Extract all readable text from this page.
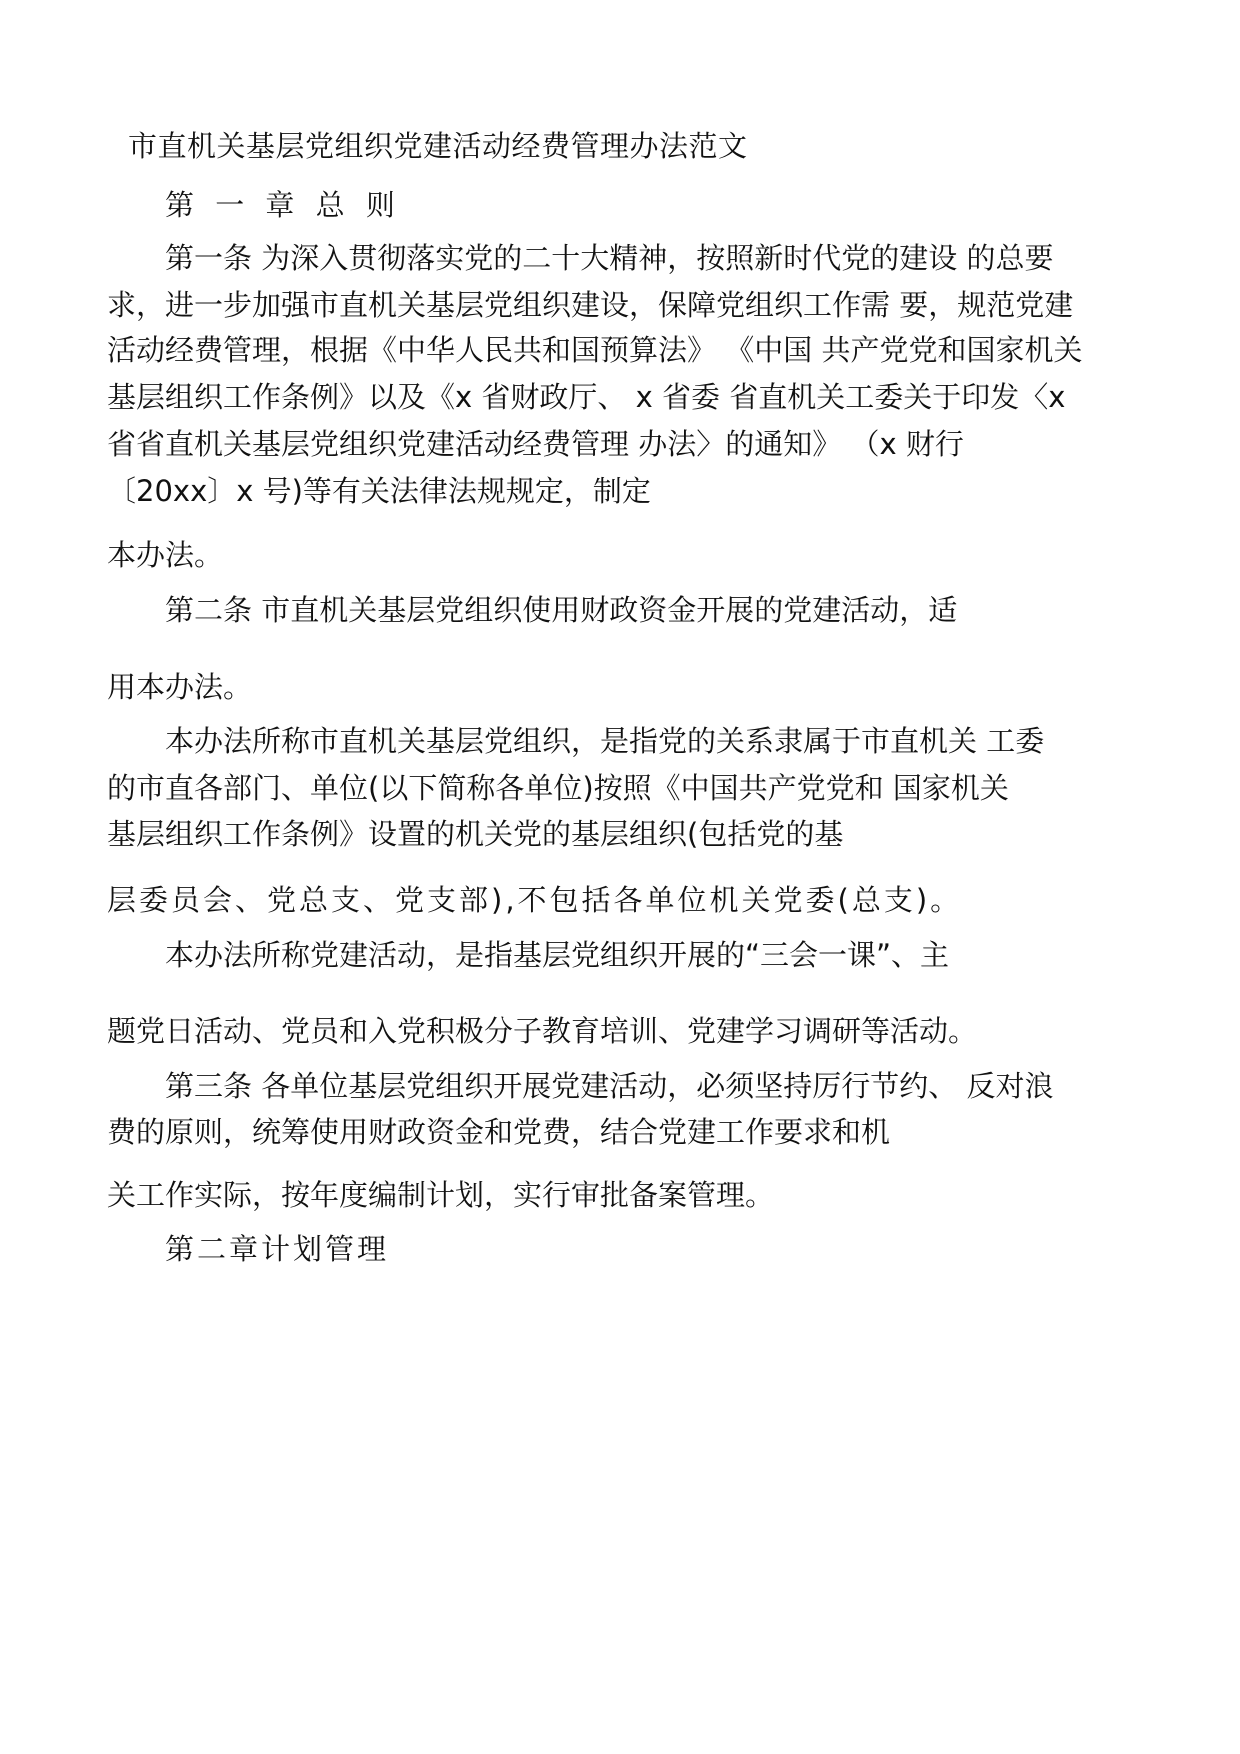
市直机关基层党组织党建活动经费管理办法范文

第 一 章 总 则

第一条 为深入贯彻落实党的二十大精神，按照新时代党的建设 的总要

求，进一步加强市直机关基层党组织建设，保障党组织工作需 要，规范党建

活动经费管理，根据《中华人民共和国预算法》 《中国 共产党党和国家机关

基层组织工作条例》以及《x 省财政厅、 x 省委 省直机关工委关于印发〈x

省省直机关基层党组织党建活动经费管理 办法〉的通知》 （x 财行

〔20xx〕x 号)等有关法律法规规定，制定

本办法。

第二条 市直机关基层党组织使用财政资金开展的党建活动，适

用本办法。

本办法所称市直机关基层党组织，是指党的关系隶属于市直机关 工委

的市直各部门、单位(以下简称各单位)按照《中国共产党党和 国家机关

基层组织工作条例》设置的机关党的基层组织(包括党的基

层委员会、党总支、党支部),不包括各单位机关党委(总支)。

本办法所称党建活动，是指基层党组织开展的“三会一课”、主

题党日活动、党员和入党积极分子教育培训、党建学习调研等活动。

第三条 各单位基层党组织开展党建活动，必须坚持厉行节约、 反对浪

费的原则，统筹使用财政资金和党费，结合党建工作要求和机

关工作实际，按年度编制计划，实行审批备案管理。

第二章计划管理
